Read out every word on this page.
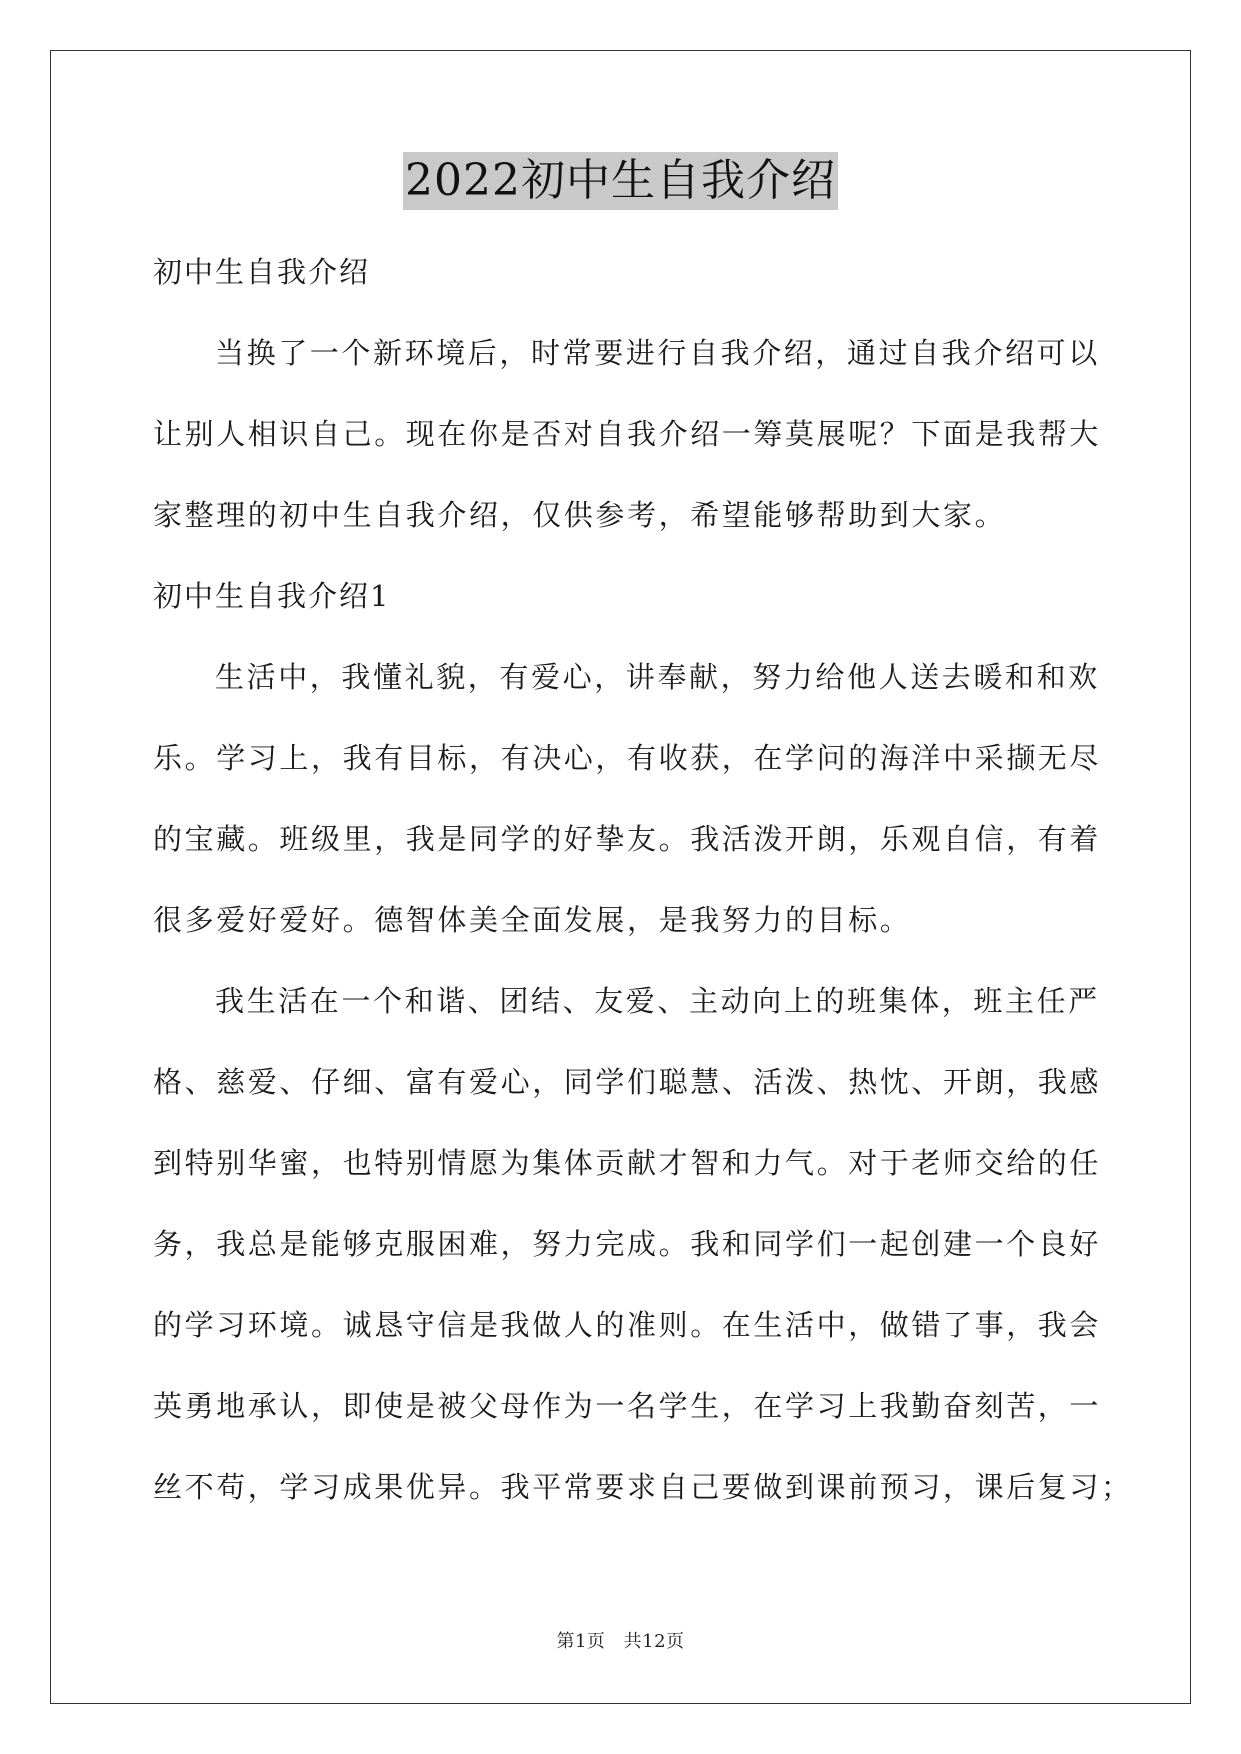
2022初中生自我介绍

初中生自我介绍

当换了一个新环境后，时常要进行自我介绍，通过自我介绍可以

让别人相识自己。现在你是否对自我介绍一筹莫展呢？下面是我帮大

家整理的初中生自我介绍，仅供参考，希望能够帮助到大家。

初中生自我介绍1

生活中，我懂礼貌，有爱心，讲奉献，努力给他人送去暖和和欢

乐。学习上，我有目标，有决心，有收获，在学问的海洋中采撷无尽

的宝藏。班级里，我是同学的好挚友。我活泼开朗，乐观自信，有着

很多爱好爱好。德智体美全面发展，是我努力的目标。

我生活在一个和谐、团结、友爱、主动向上的班集体，班主任严

格、慈爱、仔细、富有爱心，同学们聪慧、活泼、热忱、开朗，我感

到特别华蜜，也特别情愿为集体贡献才智和力气。对于老师交给的任

务，我总是能够克服困难，努力完成。我和同学们一起创建一个良好

的学习环境。诚恳守信是我做人的准则。在生活中，做错了事，我会

英勇地承认，即使是被父母作为一名学生，在学习上我勤奋刻苦，一

丝不苟，学习成果优异。我平常要求自己要做到课前预习，课后复习；

第1页 共12页
